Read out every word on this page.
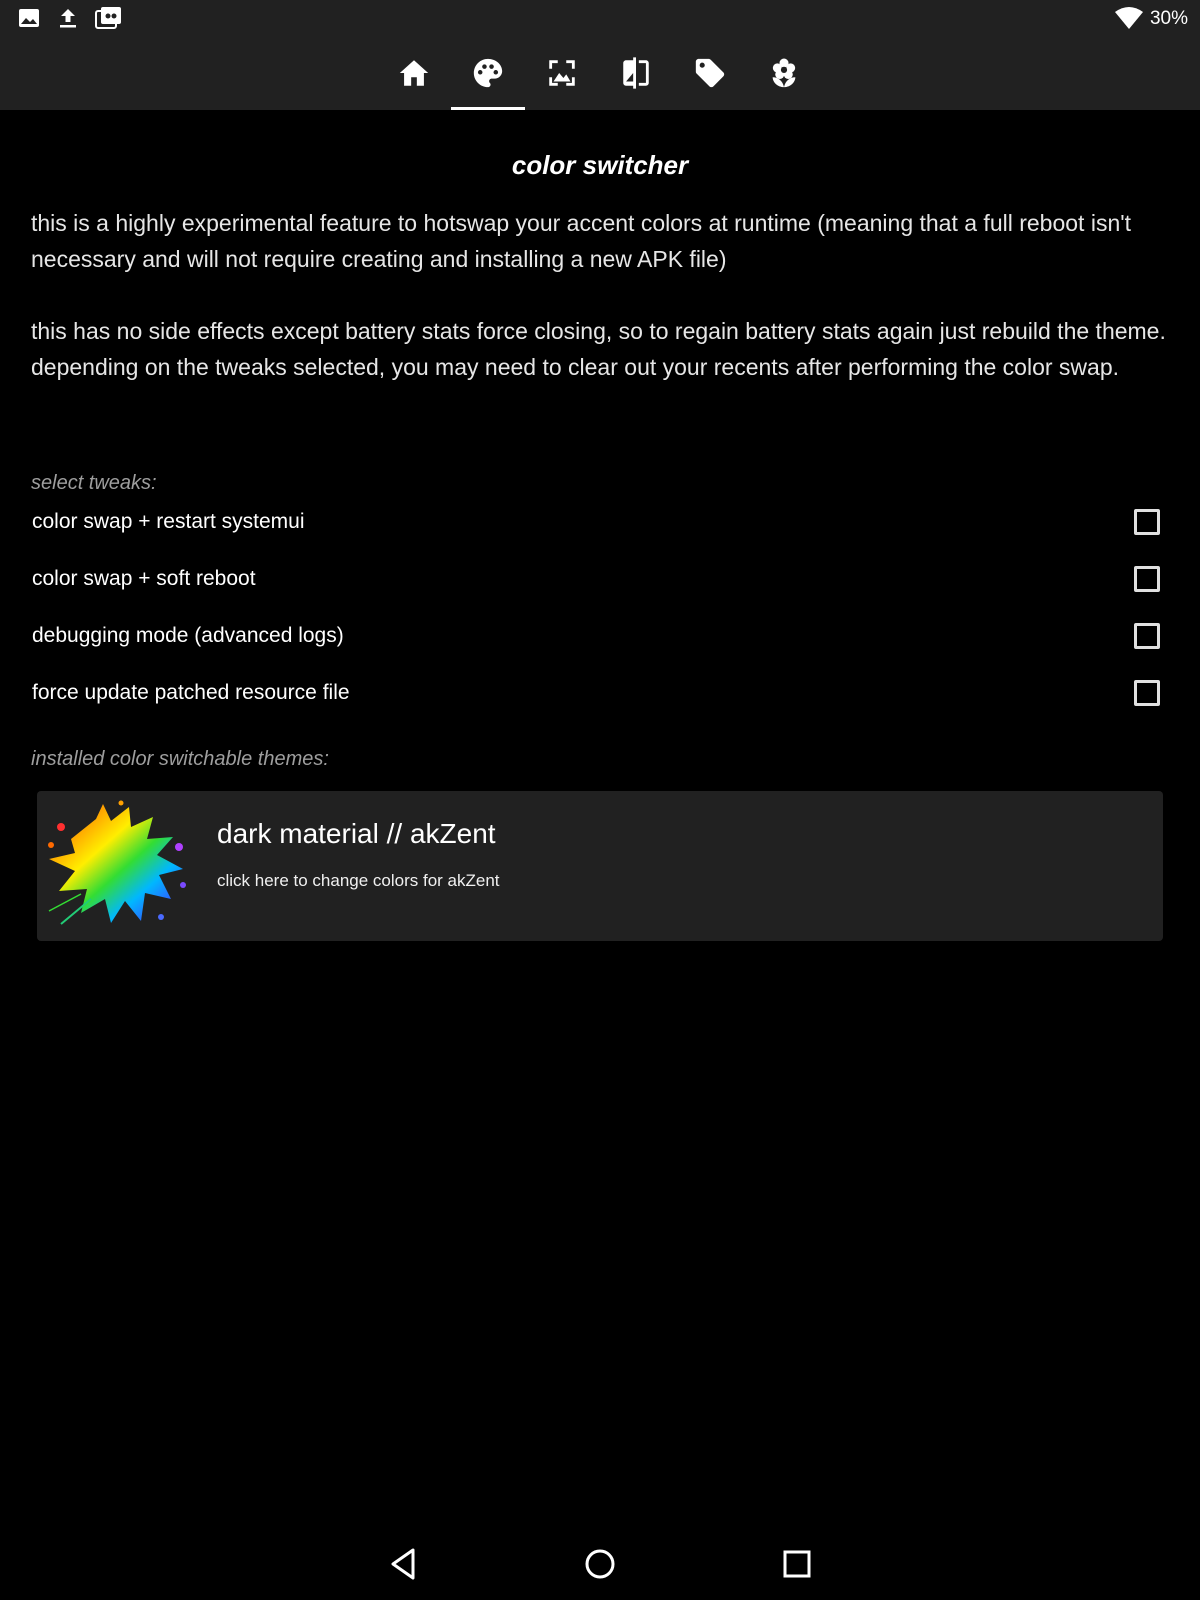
30%
color switcher

this is a highly experimental feature to hotswap your accent colors at runtime (meaning that a full reboot isn't necessary and will not require creating and installing a new APK file)

this has no side effects except battery stats force closing, so to regain battery stats again just rebuild the theme. depending on the tweaks selected, you may need to clear out your recents after performing the color swap.

select tweaks:
color swap + restart systemui
color swap + soft reboot
debugging mode (advanced logs)
force update patched resource file
installed color switchable themes:
dark material // akZent
click here to change colors for akZent
